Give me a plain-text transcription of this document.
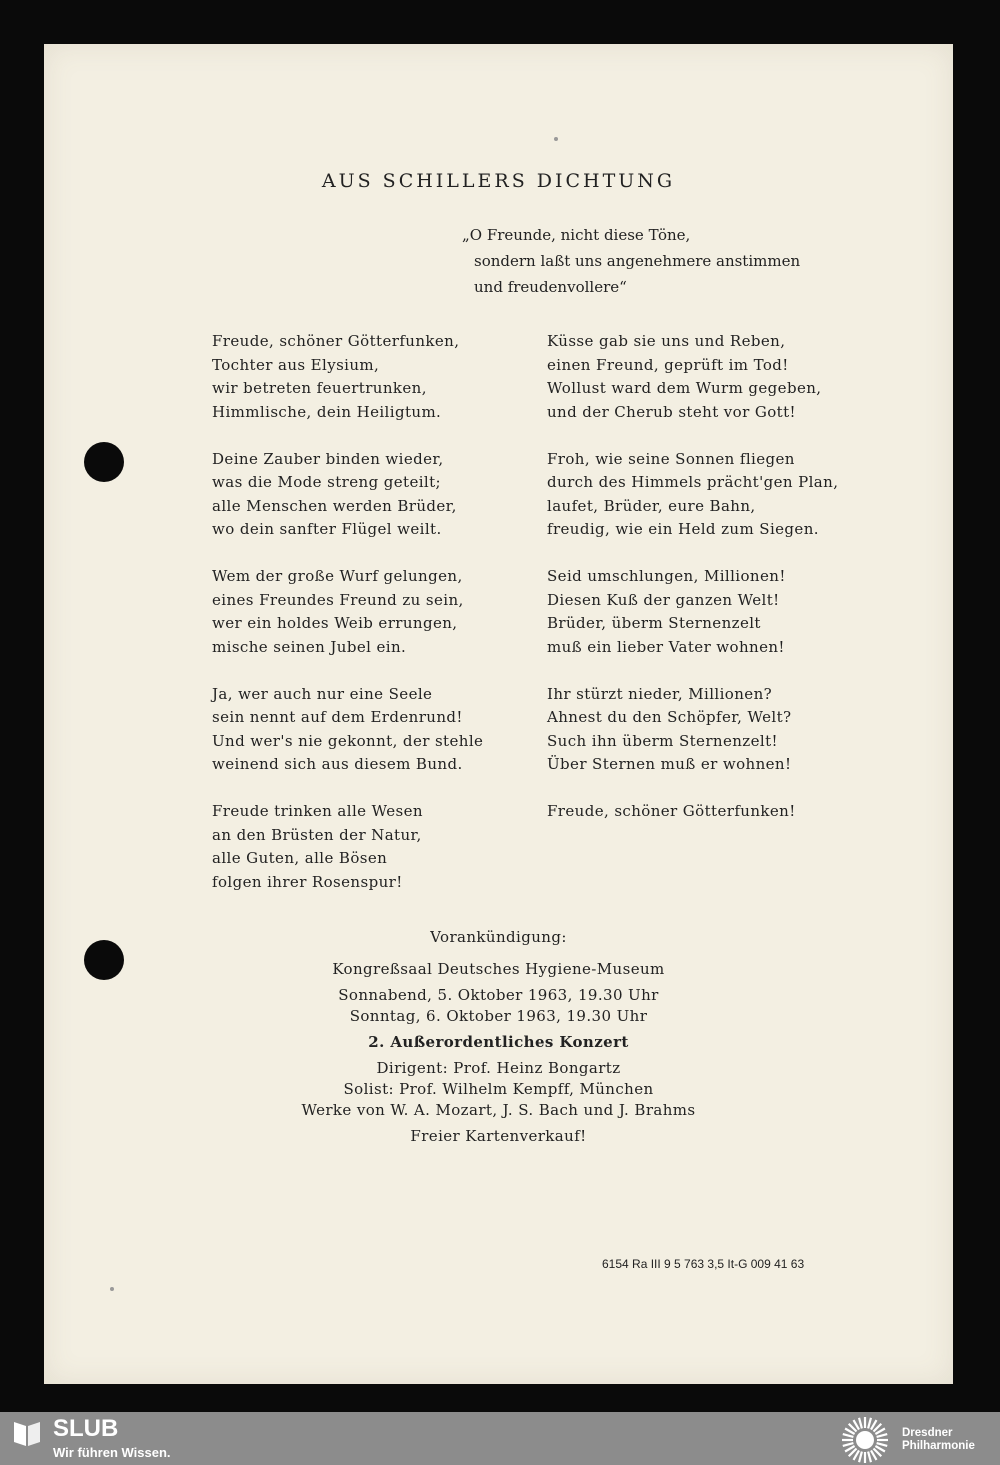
AUS SCHILLERS DICHTUNG
„O Freunde, nicht diese Töne,
sondern laßt uns angenehmere anstimmen
und freudenvollere“
Freude, schöner Götterfunken,
Tochter aus Elysium,
wir betreten feuertrunken,
Himmlische, dein Heiligtum.
Deine Zauber binden wieder,
was die Mode streng geteilt;
alle Menschen werden Brüder,
wo dein sanfter Flügel weilt.
Wem der große Wurf gelungen,
eines Freundes Freund zu sein,
wer ein holdes Weib errungen,
mische seinen Jubel ein.
Ja, wer auch nur eine Seele
sein nennt auf dem Erdenrund!
Und wer's nie gekonnt, der stehle
weinend sich aus diesem Bund.
Freude trinken alle Wesen
an den Brüsten der Natur,
alle Guten, alle Bösen
folgen ihrer Rosenspur!
Küsse gab sie uns und Reben,
einen Freund, geprüft im Tod!
Wollust ward dem Wurm gegeben,
und der Cherub steht vor Gott!
Froh, wie seine Sonnen fliegen
durch des Himmels prächt'gen Plan,
laufet, Brüder, eure Bahn,
freudig, wie ein Held zum Siegen.
Seid umschlungen, Millionen!
Diesen Kuß der ganzen Welt!
Brüder, überm Sternenzelt
muß ein lieber Vater wohnen!
Ihr stürzt nieder, Millionen?
Ahnest du den Schöpfer, Welt?
Such ihn überm Sternenzelt!
Über Sternen muß er wohnen!
Freude, schöner Götterfunken!
Vorankündigung:
Kongreßsaal Deutsches Hygiene-Museum
Sonnabend, 5. Oktober 1963, 19.30 Uhr
Sonntag, 6. Oktober 1963, 19.30 Uhr
2. Außerordentliches Konzert
Dirigent: Prof. Heinz Bongartz
Solist: Prof. Wilhelm Kempff, München
Werke von W. A. Mozart, J. S. Bach und J. Brahms
Freier Kartenverkauf!
6154 Ra III 9 5 763 3,5 It-G 009 41 63
SLUB
Wir führen Wissen.
Dresdner
Philharmonie
